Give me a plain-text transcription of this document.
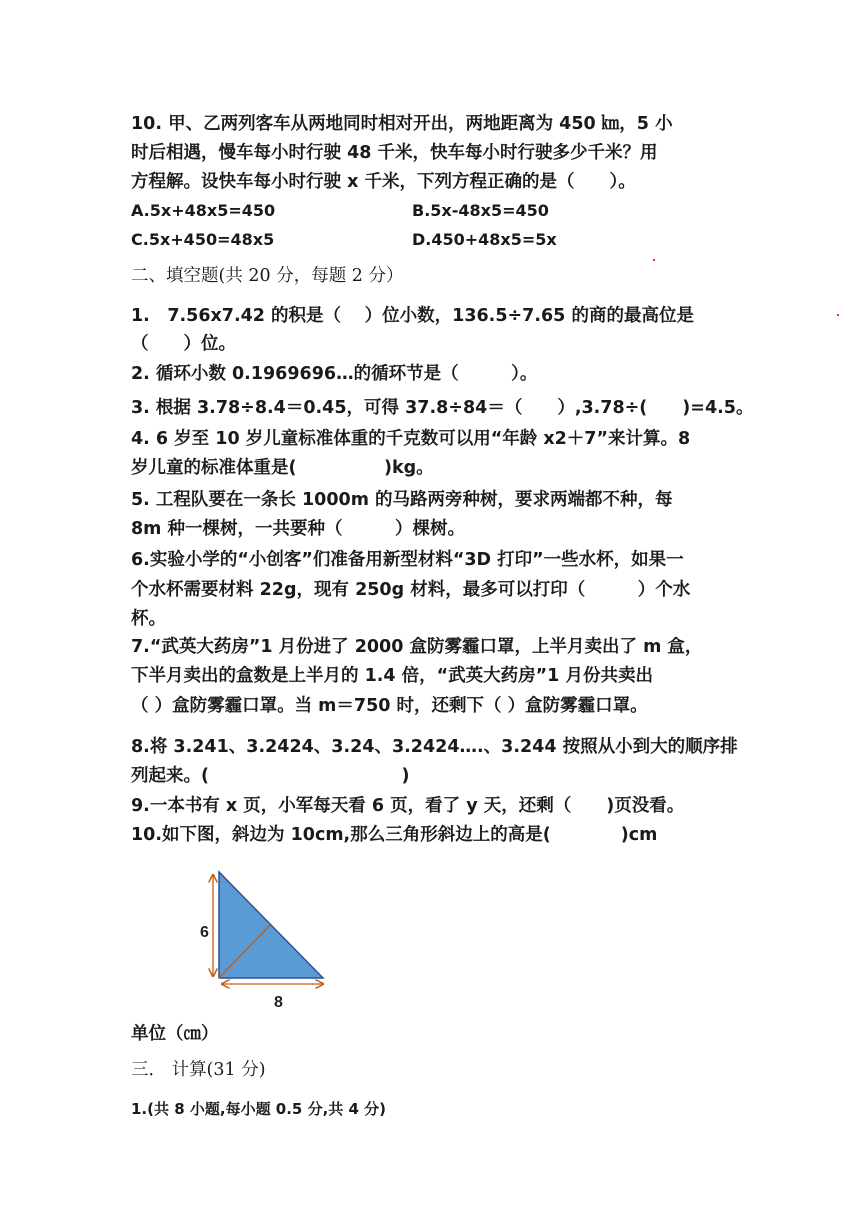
10. 甲、乙两列客车从两地同时相对开出，两地距离为 450 ㎞，5 小
时后相遇，慢车每小时行驶 48 千米，快车每小时行驶多少千米？用
方程解。设快车每小时行驶 x 千米，下列方程正确的是（　　）。
A.5x+48x5=450	B.5x-48x5=450
C.5x+450=48x5	D.450+48x5=5x
二、填空题(共 20 分，每题 2 分）
1.　7.56x7.42 的积是（　 ）位小数，136.5÷7.65 的商的最高位是
（　　）位。
2. 循环小数 0.1969696…的循环节是（　　　）。
3. 根据 3.78÷8.4＝0.45，可得 37.8÷84＝（　　）,3.78÷(　　)=4.5。
4. 6 岁至 10 岁儿童标准体重的千克数可以用“年龄 x2＋7”来计算。8
岁儿童的标准体重是(　　　　　)kg。
5. 工程队要在一条长 1000m 的马路两旁种树，要求两端都不种，每
8m 种一棵树，一共要种（　　　）棵树。
6.实验小学的“小创客”们准备用新型材料“3D 打印”一些水杯，如果一
个水杯需要材料 22g，现有 250g 材料，最多可以打印（　　　）个水
杯。
7.“武英大药房”1 月份进了 2000 盒防雾霾口罩，上半月卖出了 m 盒，
下半月卖出的盒数是上半月的 1.4 倍，“武英大药房”1 月份共卖出
（ ）盒防雾霾口罩。当 m＝750 时，还剩下（ ）盒防雾霾口罩。
8.将 3.241、3.2424、3.24、3.2424….、3.244 按照从小到大的顺序排
列起来。(　　　　　　　　　　　)
9.一本书有 x 页，小军每天看 6 页，看了 y 天，还剩（　　)页没看。
10.如下图，斜边为 10cm,那么三角形斜边上的高是(　　　　)cm
6
8
单位（㎝）
三． 计算(31 分)
1.(共 8 小题,每小题 0.5 分,共 4 分)
